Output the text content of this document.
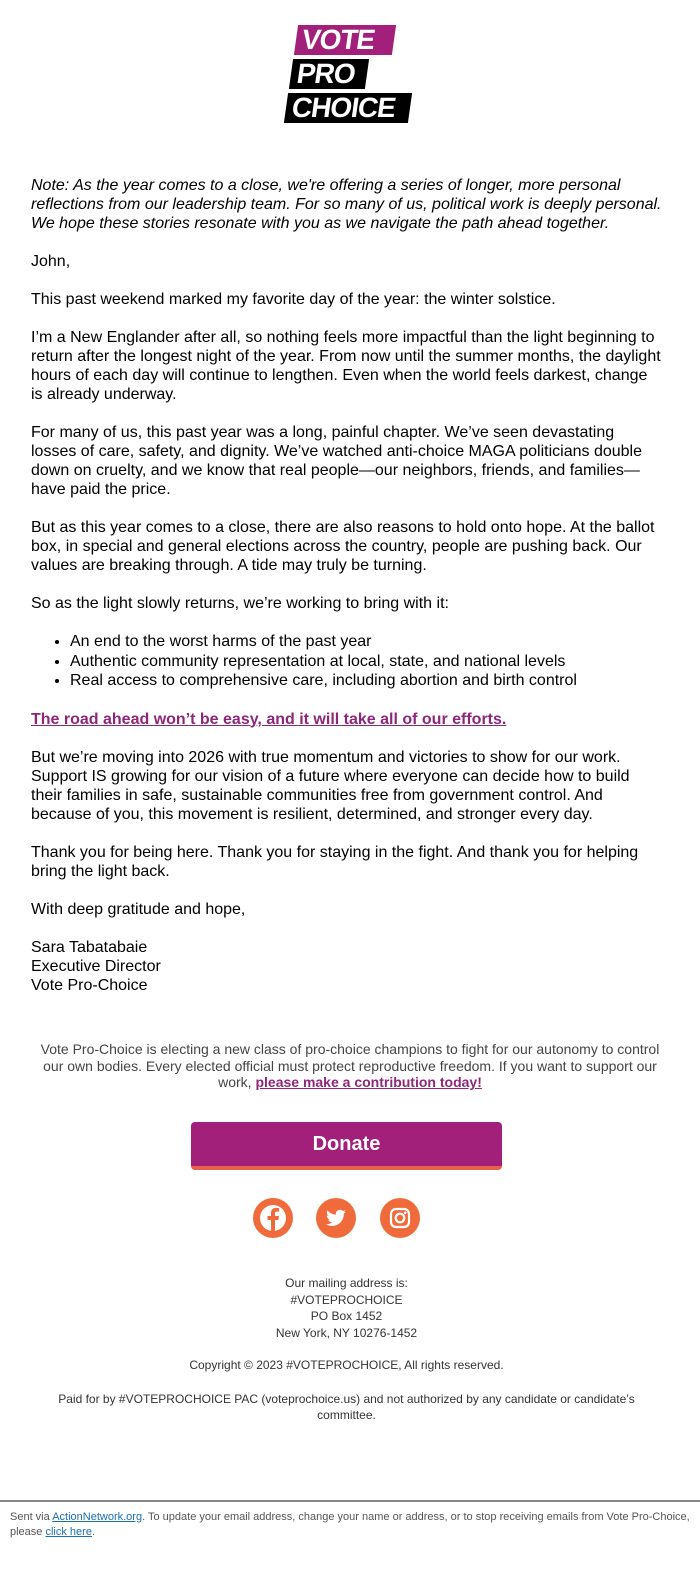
VOTE
PRO
CHOICE

Note: As the year comes to a close, we're offering a series of longer, more personal reflections from our leadership team. For so many of us, political work is deeply personal. We hope these stories resonate with you as we navigate the path ahead together.

John,

This past weekend marked my favorite day of the year: the winter solstice.

I’m a New Englander after all, so nothing feels more impactful than the light beginning to return after the longest night of the year. From now until the summer months, the daylight hours of each day will continue to lengthen. Even when the world feels darkest, change is already underway.

For many of us, this past year was a long, painful chapter. We’ve seen devastating losses of care, safety, and dignity. We’ve watched anti-choice MAGA politicians double down on cruelty, and we know that real people—our neighbors, friends, and families—have paid the price.

But as this year comes to a close, there are also reasons to hold onto hope. At the ballot box, in special and general elections across the country, people are pushing back. Our values are breaking through. A tide may truly be turning.

So as the light slowly returns, we’re working to bring with it:

• An end to the worst harms of the past year
• Authentic community representation at local, state, and national levels
• Real access to comprehensive care, including abortion and birth control

The road ahead won’t be easy, and it will take all of our efforts.

But we’re moving into 2026 with true momentum and victories to show for our work. Support IS growing for our vision of a future where everyone can decide how to build their families in safe, sustainable communities free from government control. And because of you, this movement is resilient, determined, and stronger every day.

Thank you for being here. Thank you for staying in the fight. And thank you for helping bring the light back.

With deep gratitude and hope,

Sara Tabatabaie

Executive Director

Vote Pro-Choice

Vote Pro-Choice is electing a new class of pro-choice champions to fight for our autonomy to control our own bodies. Every elected official must protect reproductive freedom. If you want to support our work, please make a contribution today!
Donate
Our mailing address is:
#VOTEPROCHOICE
PO Box 1452
New York, NY 10276-1452
Copyright © 2023 #VOTEPROCHOICE, All rights reserved.
Paid for by #VOTEPROCHOICE PAC (voteprochoice.us) and not authorized by any candidate or candidate’s committee.
Sent via ActionNetwork.org. To update your email address, change your name or address, or to stop receiving emails from Vote Pro-Choice, please click here.
